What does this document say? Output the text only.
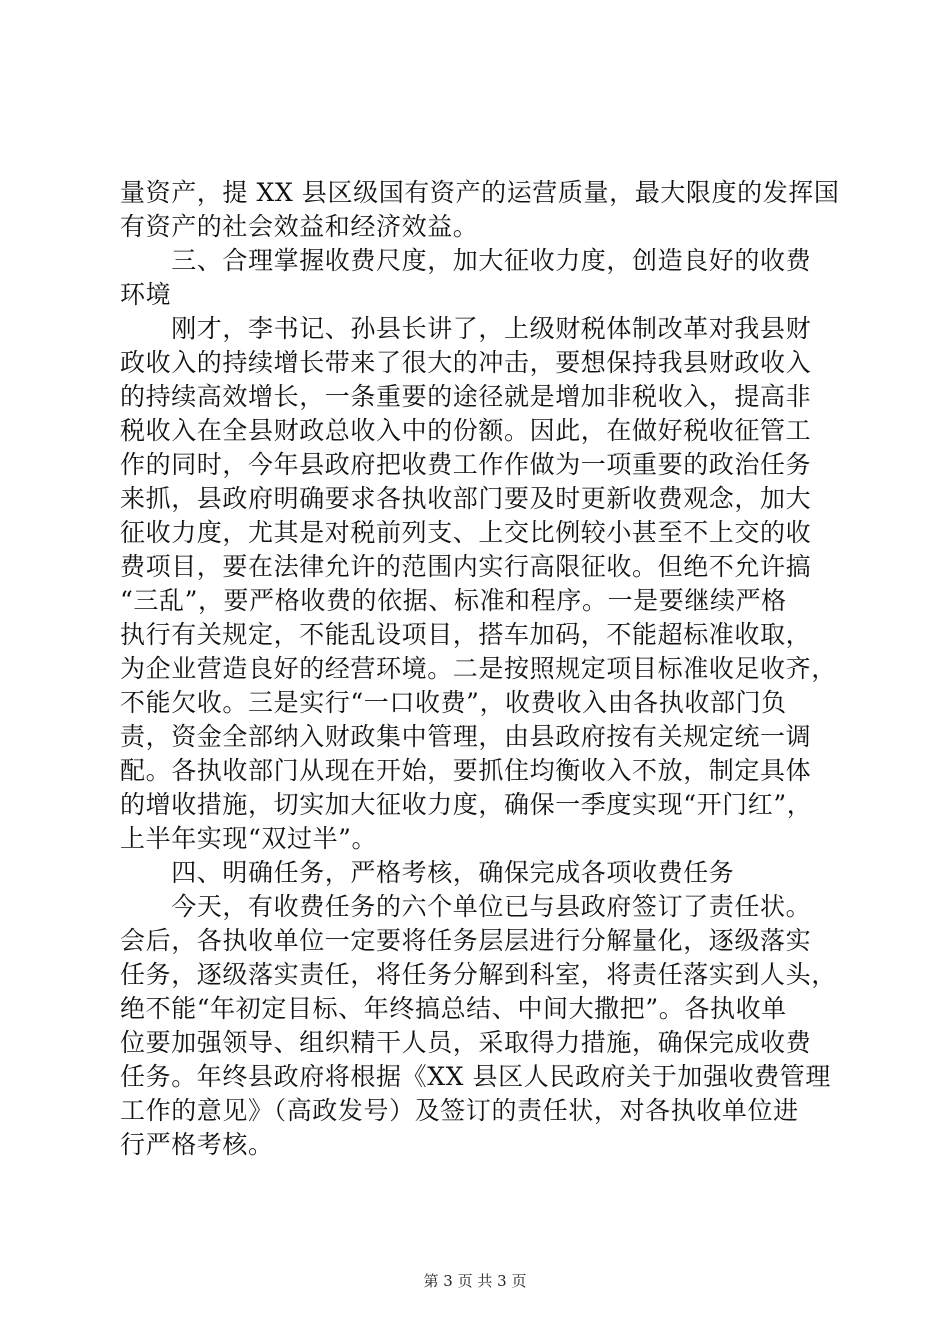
量资产，提 XX 县区级国有资产的运营质量，最大限度的发挥国
有资产的社会效益和经济效益。
　　三、合理掌握收费尺度，加大征收力度，创造良好的收费
环境
　　刚才，李书记、孙县长讲了，上级财税体制改革对我县财
政收入的持续增长带来了很大的冲击，要想保持我县财政收入
的持续高效增长，一条重要的途径就是增加非税收入，提高非
税收入在全县财政总收入中的份额。因此，在做好税收征管工
作的同时，今年县政府把收费工作作做为一项重要的政治任务
来抓，县政府明确要求各执收部门要及时更新收费观念，加大
征收力度，尤其是对税前列支、上交比例较小甚至不上交的收
费项目，要在法律允许的范围内实行高限征收。但绝不允许搞
“三乱”，要严格收费的依据、标准和程序。一是要继续严格
执行有关规定，不能乱设项目，搭车加码，不能超标准收取，
为企业营造良好的经营环境。二是按照规定项目标准收足收齐，
不能欠收。三是实行“一口收费”，收费收入由各执收部门负
责，资金全部纳入财政集中管理，由县政府按有关规定统一调
配。各执收部门从现在开始，要抓住均衡收入不放，制定具体
的增收措施，切实加大征收力度，确保一季度实现“开门红”，
上半年实现“双过半”。
　　四、明确任务，严格考核，确保完成各项收费任务
　　今天，有收费任务的六个单位已与县政府签订了责任状。
会后，各执收单位一定要将任务层层进行分解量化，逐级落实
任务，逐级落实责任，将任务分解到科室，将责任落实到人头，
绝不能“年初定目标、年终搞总结、中间大撒把”。各执收单
位要加强领导、组织精干人员，采取得力措施，确保完成收费
任务。年终县政府将根据《XX 县区人民政府关于加强收费管理
工作的意见》（高政发号）及签订的责任状，对各执收单位进
行严格考核。
第 3 页 共 3 页
